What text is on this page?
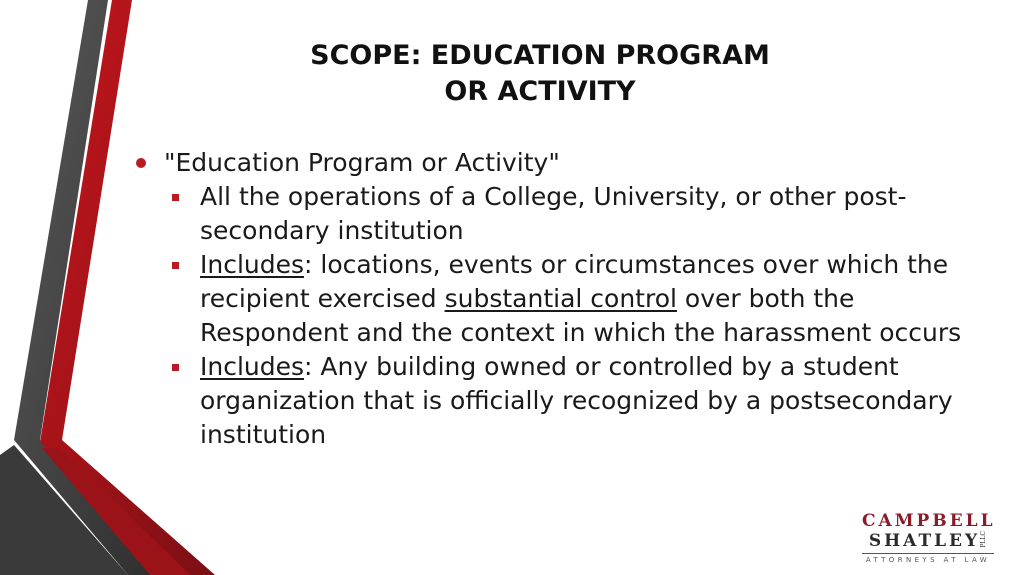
SCOPE: EDUCATION PROGRAM
OR ACTIVITY
"Education Program or Activity"
All the operations of a College, University, or other post-secondary institution
Includes: locations, events or circumstances over which the recipient exercised substantial control over both the Respondent and the context in which the harassment occurs
Includes: Any building owned or controlled by a student organization that is officially recognized by a postsecondary institution
CAMPBELL
SHATLEY PLLC
ATTORNEYS AT LAW
